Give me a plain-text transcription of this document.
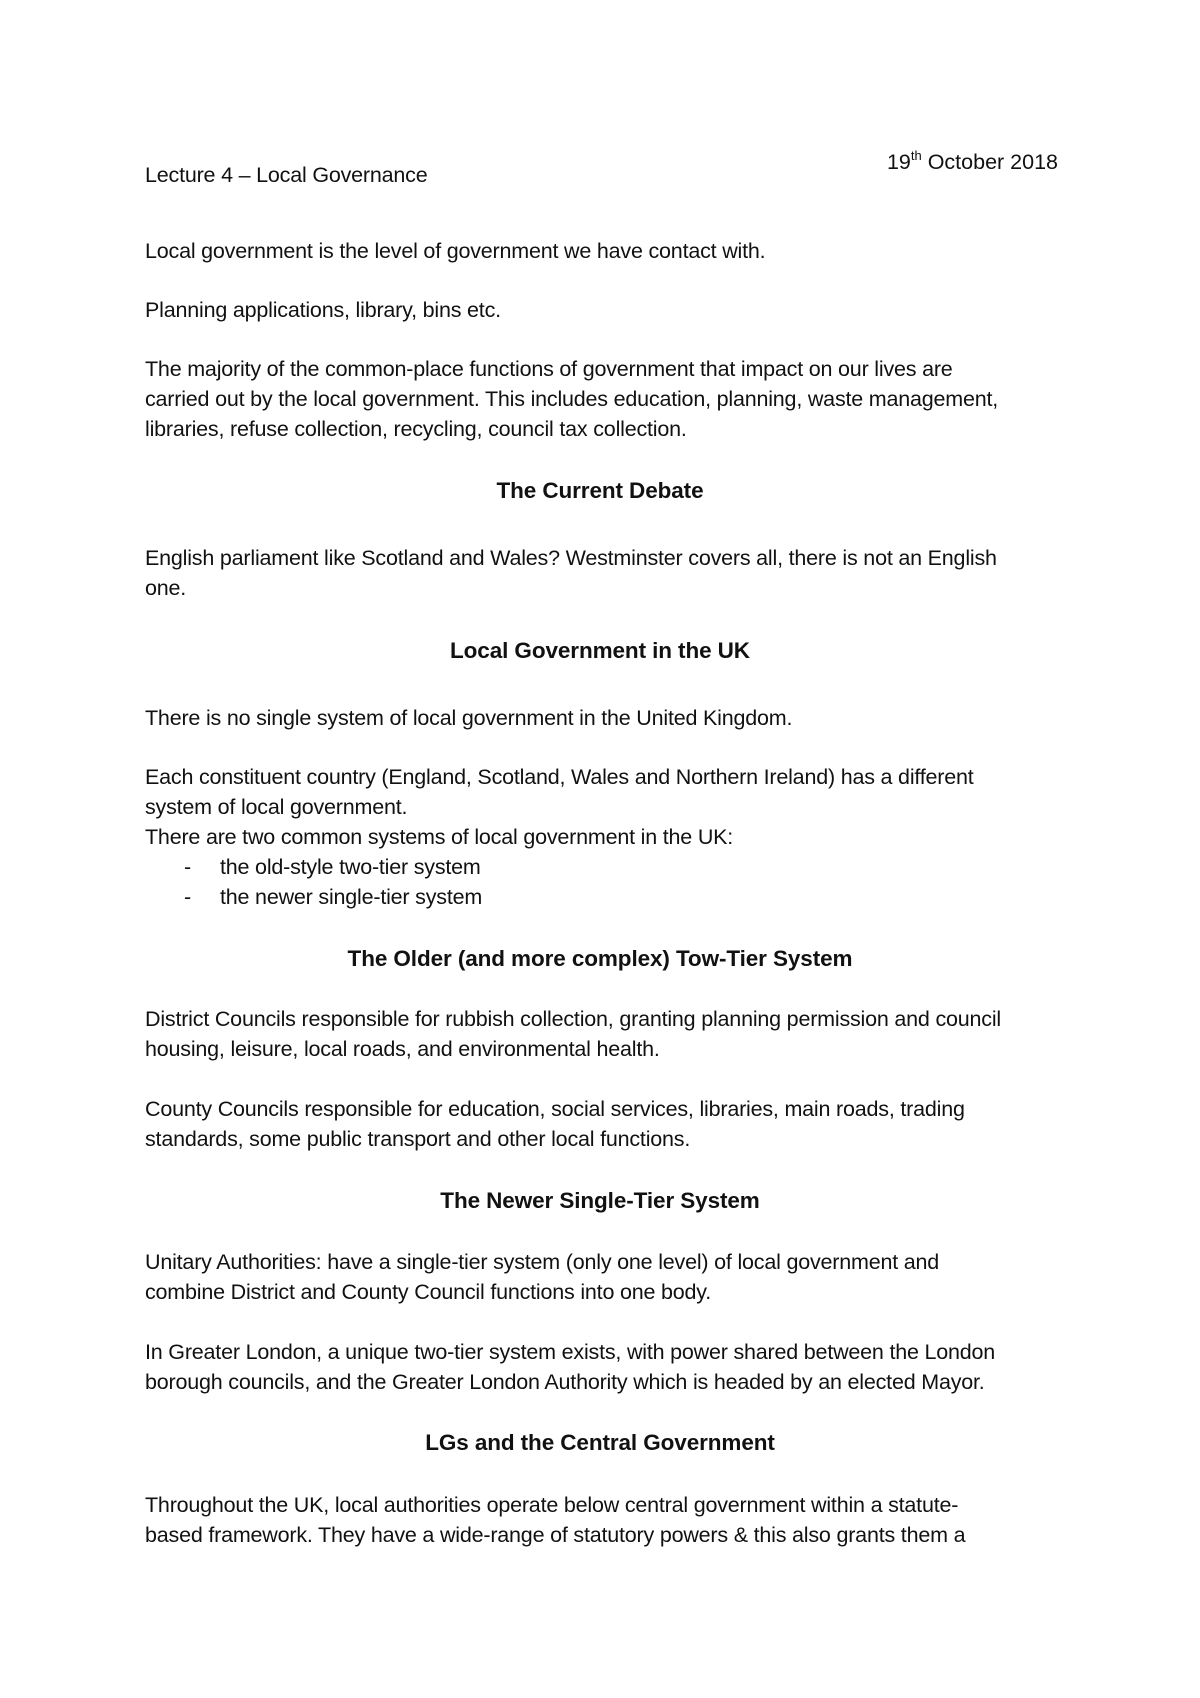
19th October 2018
Lecture 4 – Local Governance
Local government is the level of government we have contact with.
Planning applications, library, bins etc.
The majority of the common-place functions of government that impact on our lives are
carried out by the local government. This includes education, planning, waste management,
libraries, refuse collection, recycling, council tax collection.
The Current Debate
English parliament like Scotland and Wales? Westminster covers all, there is not an English
one.
Local Government in the UK
There is no single system of local government in the United Kingdom.
Each constituent country (England, Scotland, Wales and Northern Ireland) has a different
system of local government.
There are two common systems of local government in the UK:
- the old-style two-tier system
- the newer single-tier system
The Older (and more complex) Tow-Tier System
District Councils responsible for rubbish collection, granting planning permission and council
housing, leisure, local roads, and environmental health.
County Councils responsible for education, social services, libraries, main roads, trading
standards, some public transport and other local functions.
The Newer Single-Tier System
Unitary Authorities: have a single-tier system (only one level) of local government and
combine District and County Council functions into one body.
In Greater London, a unique two-tier system exists, with power shared between the London
borough councils, and the Greater London Authority which is headed by an elected Mayor.
LGs and the Central Government
Throughout the UK, local authorities operate below central government within a statute-
based framework. They have a wide-range of statutory powers & this also grants them a
